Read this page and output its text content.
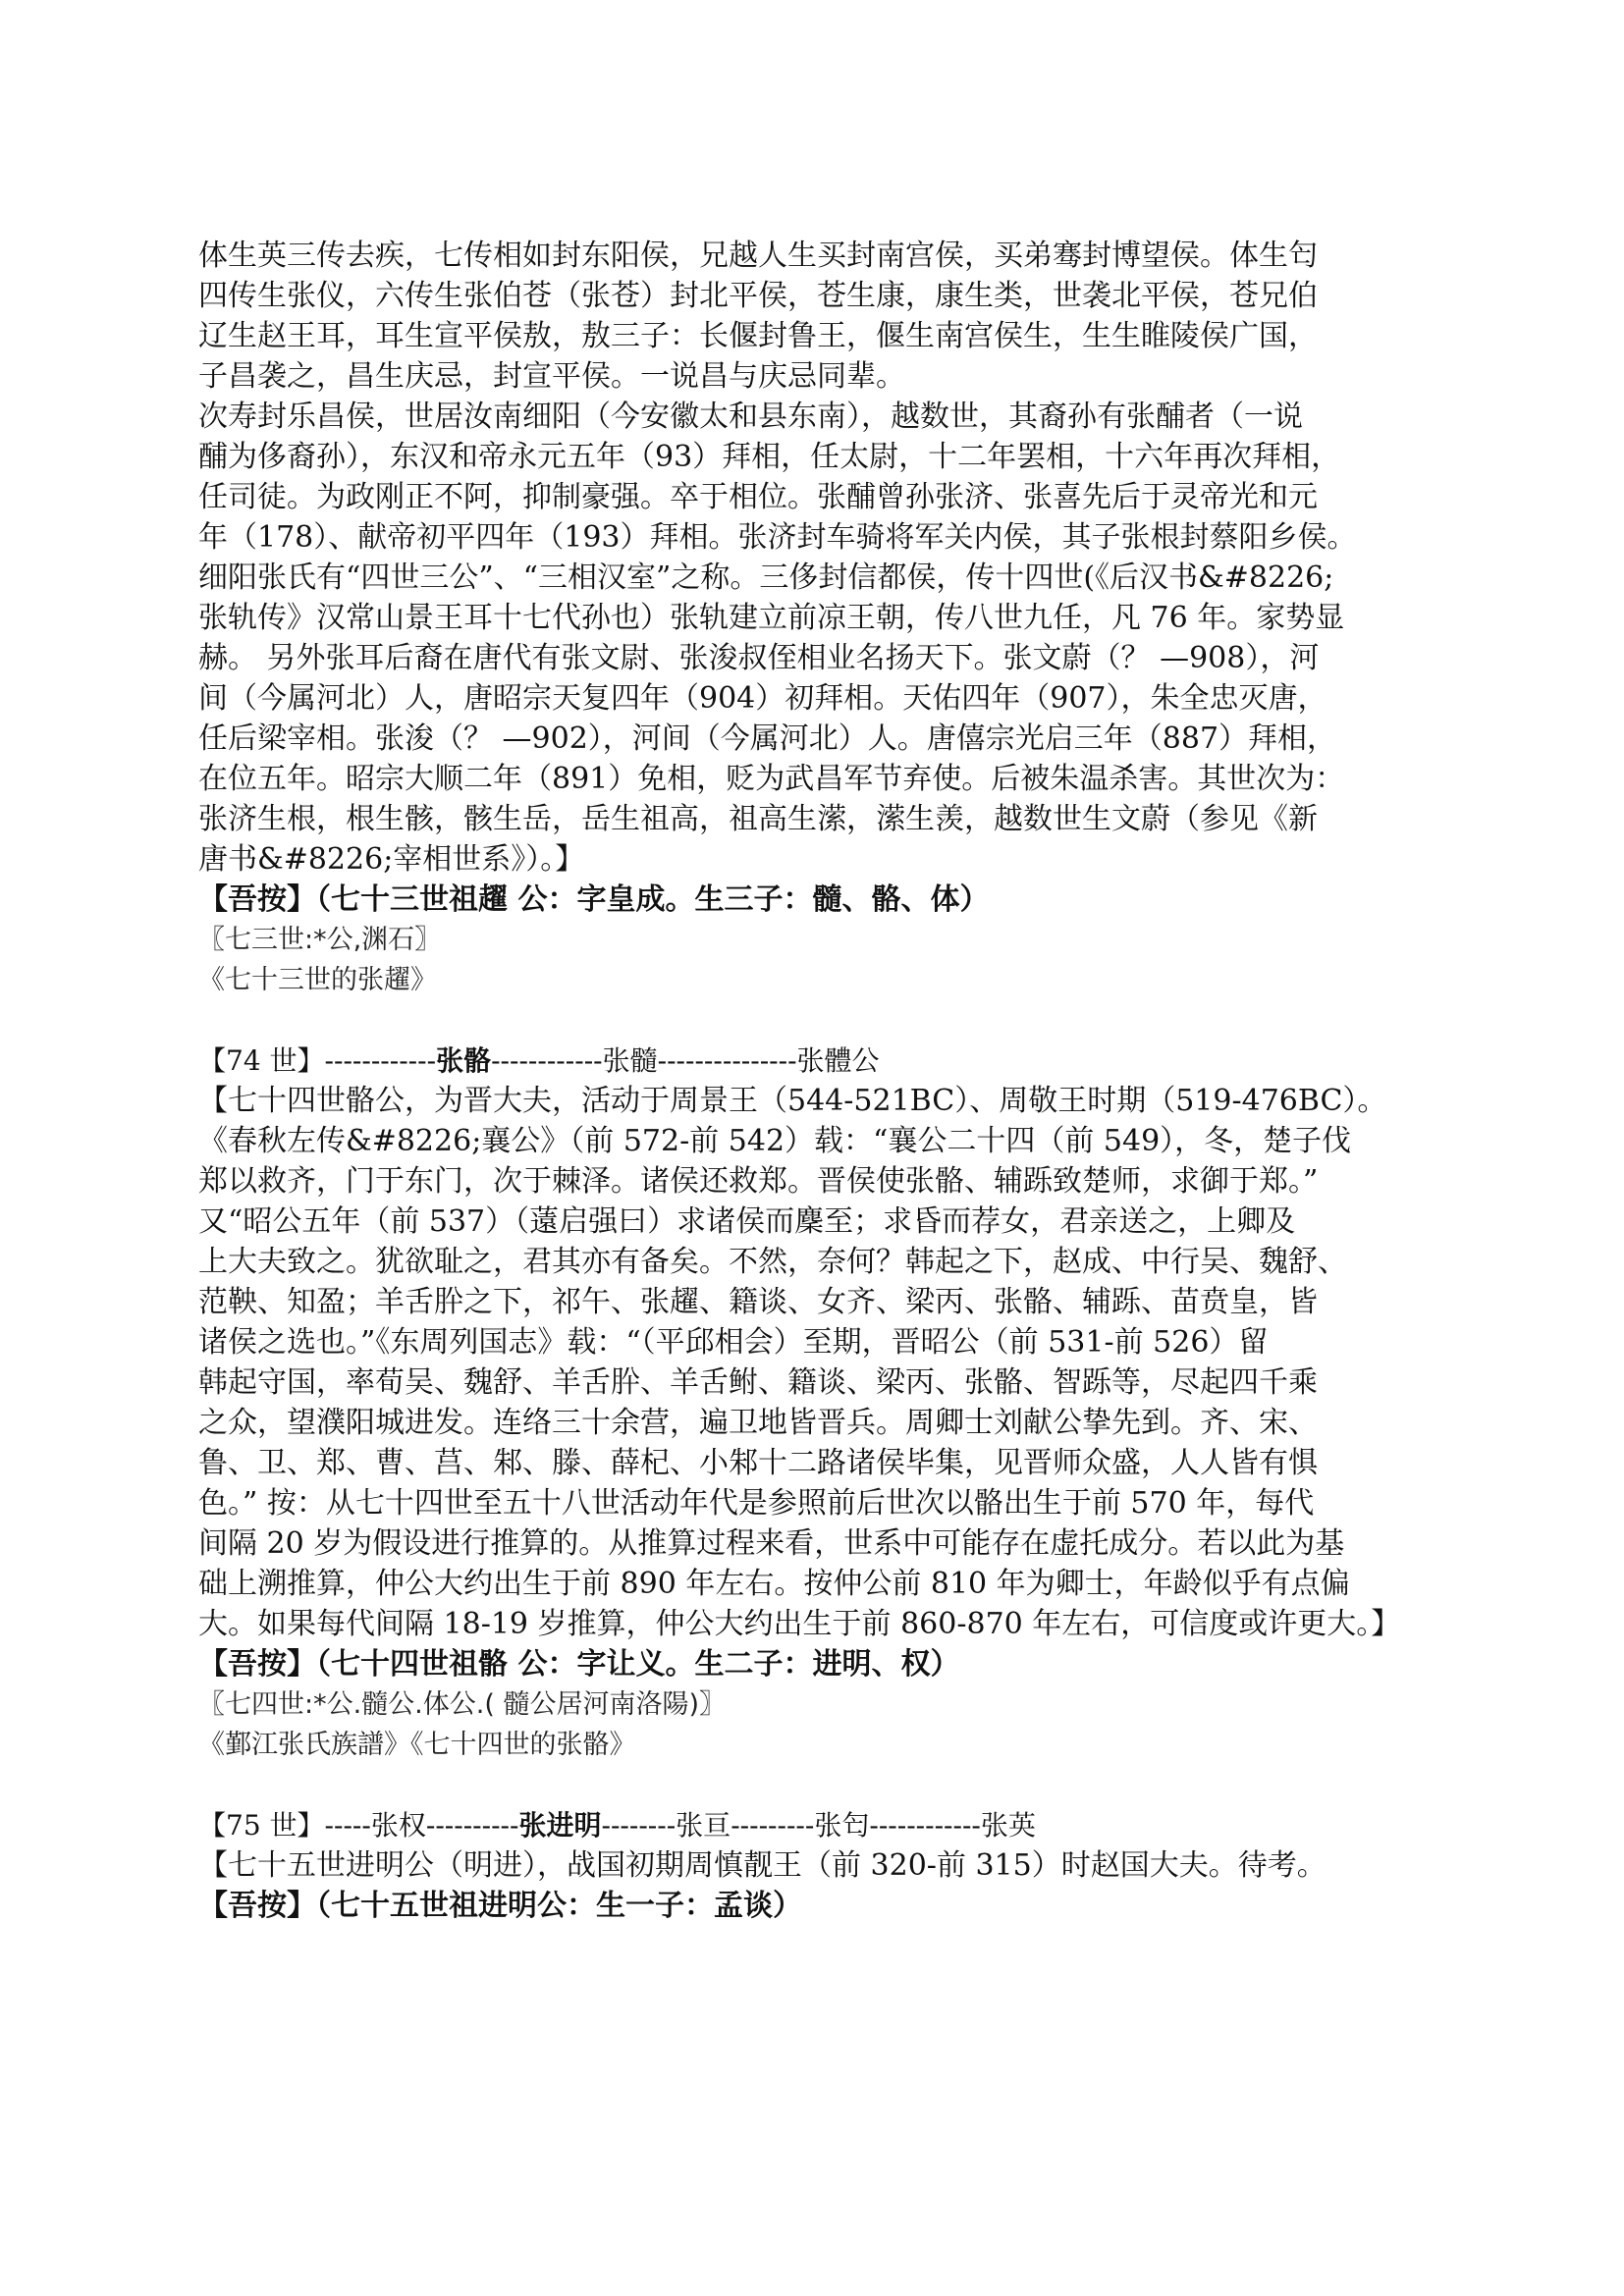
体生英三传去疾，七传相如封东阳侯，兄越人生买封南宫侯，买弟骞封博望侯。体生匄

四传生张仪，六传生张伯苍（张苍）封北平侯，苍生康，康生类，世袭北平侯，苍兄伯

辽生赵王耳，耳生宣平侯敖，敖三子：长偃封鲁王，偃生南宫侯生，生生睢陵侯广国，

子昌袭之，昌生庆忌，封宣平侯。一说昌与庆忌同辈。

次寿封乐昌侯，世居汝南细阳（今安徽太和县东南），越数世，其裔孙有张酺者（一说

酺为侈裔孙），东汉和帝永元五年（93）拜相，任太尉，十二年罢相，十六年再次拜相，

任司徒。为政刚正不阿，抑制豪强。卒于相位。张酺曾孙张济、张喜先后于灵帝光和元

年（178）、献帝初平四年（193）拜相。张济封车骑将军关内侯，其子张根封蔡阳乡侯。

细阳张氏有“四世三公”、“三相汉室”之称。三侈封信都侯，传十四世(《后汉书&#8226;

张轨传》汉常山景王耳十七代孙也）张轨建立前凉王朝，传八世九任，凡 76 年。家势显

赫。 另外张耳后裔在唐代有张文尉、张浚叔侄相业名扬天下。张文蔚（？ —908），河

间（今属河北）人，唐昭宗天复四年（904）初拜相。天佑四年（907），朱全忠灭唐，

任后梁宰相。张浚（？ —902），河间（今属河北）人。唐僖宗光启三年（887）拜相，

在位五年。昭宗大顺二年（891）免相，贬为武昌军节弃使。后被朱温杀害。其世次为：

张济生根，根生骸，骸生岳，岳生祖高，祖高生潆，潆生羡，越数世生文蔚（参见《新

唐书&#8226;宰相世系》）。】

【吾按】（七十三世祖趯 公：字皇成。生三子：髓、骼、体）

〖七三世:*公,渊石〗

《七十三世的张趯》

【74 世】------------张骼------------张髓---------------张體公

【七十四世骼公，为晋大夫，活动于周景王（544-521BC）、周敬王时期（519-476BC）。

《春秋左传&#8226;襄公》（前 572-前 542）载：“襄公二十四（前 549），冬，楚子伐

郑以救齐，门于东门，次于棘泽。诸侯还救郑。晋侯使张骼、辅跞致楚师，求御于郑。”

又“昭公五年（前 537）（薳启强曰）求诸侯而麇至；求昏而荐女，君亲送之，上卿及

上大夫致之。犹欲耻之，君其亦有备矣。不然，奈何？韩起之下，赵成、中行吴、魏舒、

范鞅、知盈；羊舌肸之下，祁午、张趯、籍谈、女齐、梁丙、张骼、辅跞、苗贲皇，皆

诸侯之选也。”《东周列国志》载：“（平邱相会）至期，晋昭公（前 531-前 526）留

韩起守国，率荀吴、魏舒、羊舌肸、羊舌鲋、籍谈、梁丙、张骼、智跞等，尽起四千乘

之众，望濮阳城进发。连络三十余营，遍卫地皆晋兵。周卿士刘献公挚先到。齐、宋、

鲁、卫、郑、曹、莒、邾、滕、薛杞、小邾十二路诸侯毕集，见晋师众盛，人人皆有惧

色。” 按：从七十四世至五十八世活动年代是参照前后世次以骼出生于前 570 年，每代

间隔 20 岁为假设进行推算的。从推算过程来看，世系中可能存在虚托成分。若以此为基

础上溯推算，仲公大约出生于前 890 年左右。按仲公前 810 年为卿士，年龄似乎有点偏

大。如果每代间隔 18-19 岁推算，仲公大约出生于前 860-870 年左右，可信度或许更大。】

【吾按】（七十四世祖骼 公：字让义。生二子：进明、权）

〖七四世:*公.髓公.体公.( 髓公居河南洛陽)〗

《鄞江张氏族譜》《七十四世的张骼》

【75 世】-----张权----------张进明--------张亘---------张匄------------张英

【七十五世进明公（明进），战国初期周慎靓王（前 320-前 315）时赵国大夫。待考。

【吾按】（七十五世祖进明公：生一子：孟谈）
